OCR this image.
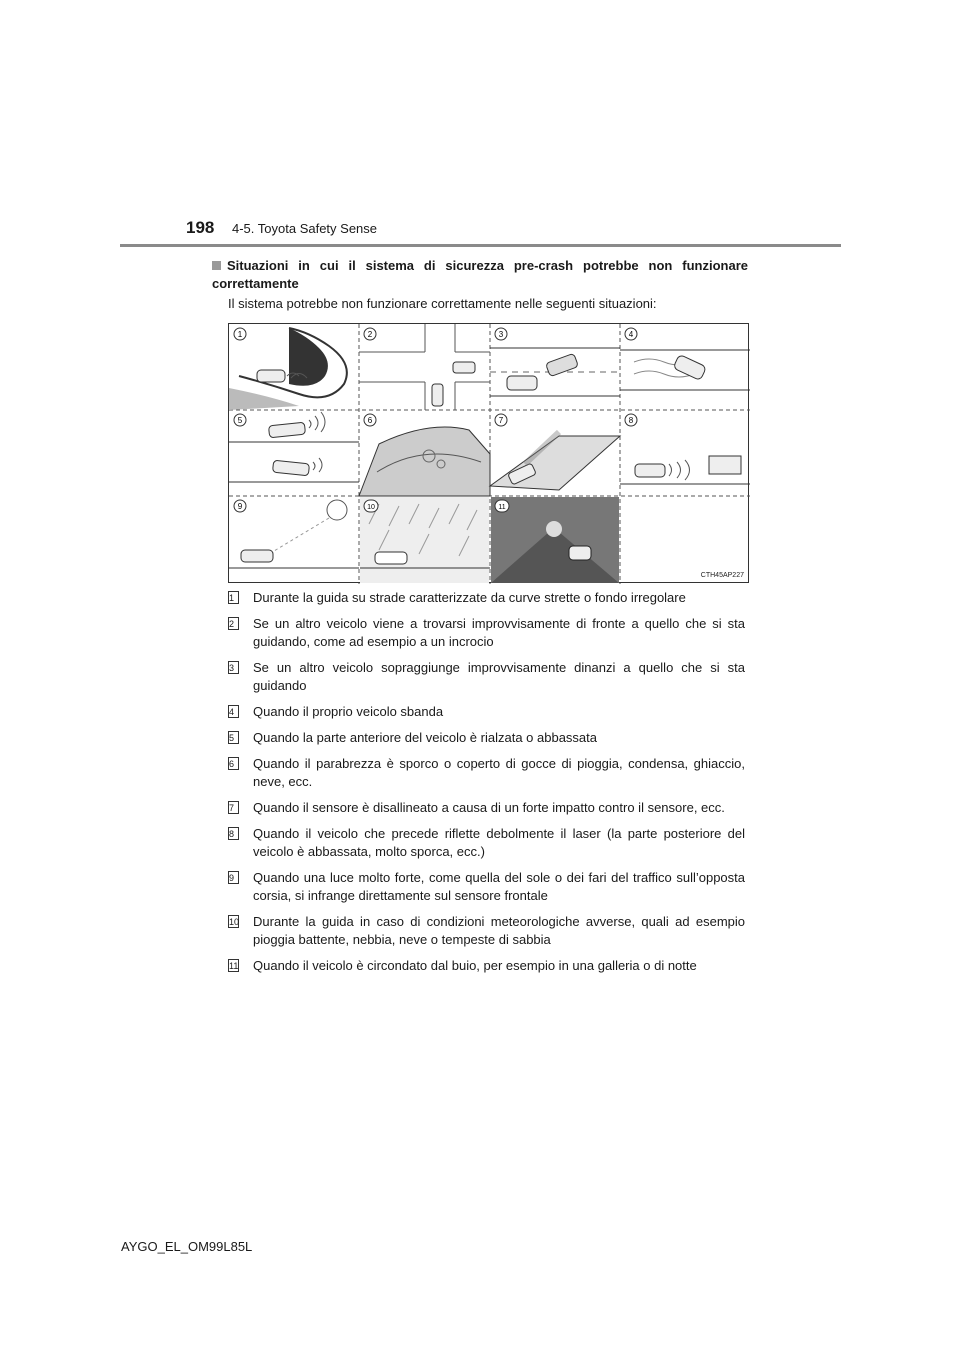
198 4-5. Toyota Safety Sense
Situazioni in cui il sistema di sicurezza pre-crash potrebbe non funzionare correttamente
Il sistema potrebbe non funzionare correttamente nelle seguenti situazioni:
1	2	3	4
5	6	7	8
9	10	11
CTH45AP227
1	Durante la guida su strade caratterizzate da curve strette o fondo irregolare
2	Se un altro veicolo viene a trovarsi improvvisamente di fronte a quello che si sta guidando, come ad esempio a un incrocio
3	Se un altro veicolo sopraggiunge improvvisamente dinanzi a quello che si sta guidando
4	Quando il proprio veicolo sbanda
5	Quando la parte anteriore del veicolo è rialzata o abbassata
6	Quando il parabrezza è sporco o coperto di gocce di pioggia, condensa, ghiaccio, neve, ecc.
7	Quando il sensore è disallineato a causa di un forte impatto contro il sensore, ecc.
8	Quando il veicolo che precede riflette debolmente il laser (la parte posteriore del veicolo è abbassata, molto sporca, ecc.)
9	Quando una luce molto forte, come quella del sole o dei fari del traffico sull’opposta corsia, si infrange direttamente sul sensore frontale
10 Durante la guida in caso di condizioni meteorologiche avverse, quali ad esempio pioggia battente, nebbia, neve o tempeste di sabbia
11 Quando il veicolo è circondato dal buio, per esempio in una galleria o di notte
AYGO_EL_OM99L85L
